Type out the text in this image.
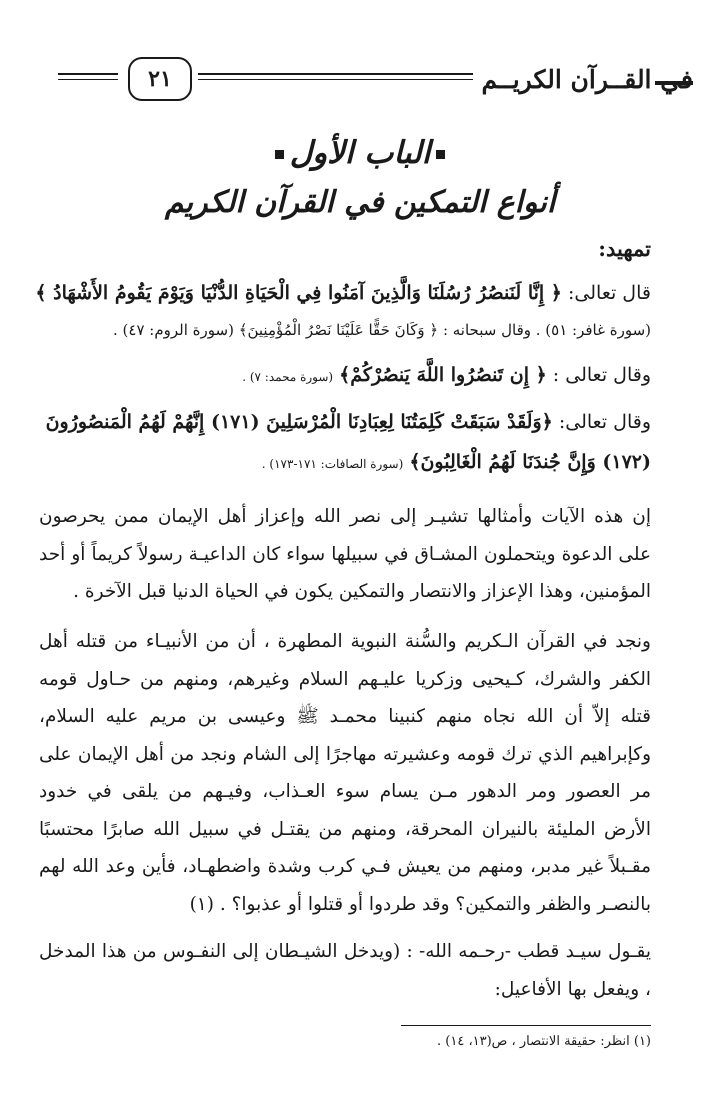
٢١	في القــرآن الكريــم
الباب الأول
أنواع التمكين في القرآن الكريم
تمهيد:
قال تعالى: ﴿ إِنَّا لَنَنصُرُ رُسُلَنَا وَالَّذِينَ آمَنُوا فِي الْحَيَاةِ الدُّنْيَا وَيَوْمَ يَقُومُ الأَشْهَادُ ﴾
(سورة غافر: ٥١) . وقال سبحانه : ﴿ وَكَانَ حَقًّا عَلَيْنَا نَصْرُ الْمُؤْمِنِينَ﴾ (سورة الروم: ٤٧) .
وقال تعالى : ﴿ إِن تَنصُرُوا اللَّهَ يَنصُرْكُمْ﴾ (سورة محمد: ٧) .
وقال تعالى: ﴿وَلَقَدْ سَبَقَتْ كَلِمَتُنَا لِعِبَادِنَا الْمُرْسَلِينَ (١٧١) إِنَّهُمْ لَهُمُ الْمَنصُورُونَ
(١٧٢) وَإِنَّ جُندَنَا لَهُمُ الْغَالِبُونَ﴾ (سورة الصافات: ١٧١-١٧٣) .
إن هذه الآيات وأمثالها تشيـر إلى نصر الله وإعزاز أهل الإيمان ممن يحرصون على الدعوة ويتحملون المشـاق في سبيلها سواء كان الداعيـة رسولاً كريماً أو أحد المؤمنين، وهذا الإعزاز والانتصار والتمكين يكون في الحياة الدنيا قبل الآخرة .
ونجد في القرآن الـكريم والسُّنة النبوية المطهرة ، أن من الأنبيـاء من قتله أهل الكفر والشرك، كـيحيى وزكريا عليـهم السلام وغيرهم، ومنهم من حـاول قومه قتله إلاّ أن الله نجاه منهم كنبينا محمـد ﷺ وعيسى بن مريم عليه السلام، وكإبراهيم الذي ترك قومه وعشيرته مهاجرًا إلى الشام ونجد من أهل الإيمان على مر العصور ومر الدهور مـن يسام سوء العـذاب، وفيـهم من يلقى في خدود الأرض المليئة بالنيران المحرقة، ومنهم من يقتـل في سبيل الله صابرًا محتسبًا مقـبلاً غير مدبر، ومنهم من يعيش فـي كرب وشدة واضطهـاد، فأين وعد الله لهم بالنصـر والظفر والتمكين؟ وقد طردوا أو قتلوا أو عذبوا؟ . (١)
يقـول سيـد قطب -رحـمه الله- : (ويدخل الشيـطان إلى النفـوس من هذا المدخل ، ويفعل بها الأفاعيل:
(١) انظر: حقيقة الانتصار ، ص(١٣، ١٤) .
